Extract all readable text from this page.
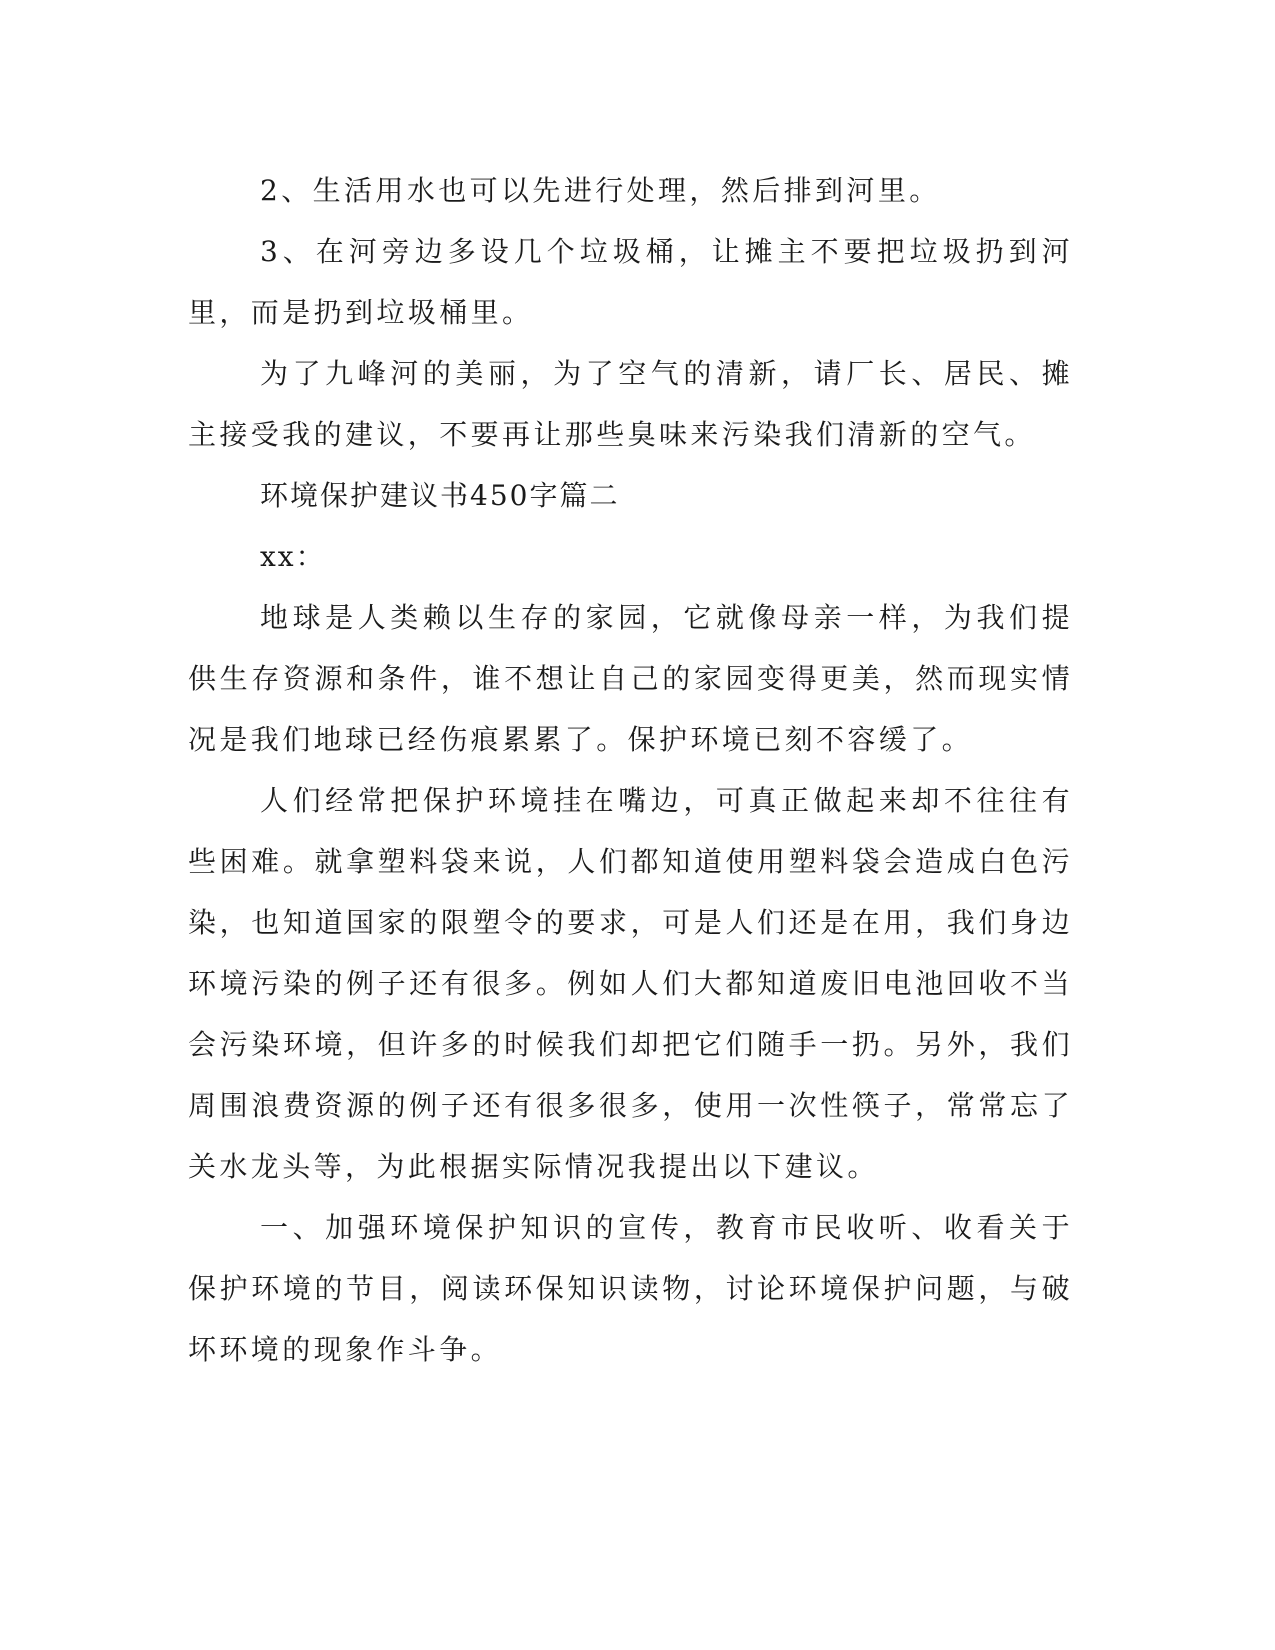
2、生活用水也可以先进行处理，然后排到河里。

3、在河旁边多设几个垃圾桶，让摊主不要把垃圾扔到河里，而是扔到垃圾桶里。

为了九峰河的美丽，为了空气的清新，请厂长、居民、摊主接受我的建议，不要再让那些臭味来污染我们清新的空气。

环境保护建议书450字篇二

xx：

地球是人类赖以生存的家园，它就像母亲一样，为我们提供生存资源和条件，谁不想让自己的家园变得更美，然而现实情况是我们地球已经伤痕累累了。保护环境已刻不容缓了。

人们经常把保护环境挂在嘴边，可真正做起来却不往往有些困难。就拿塑料袋来说，人们都知道使用塑料袋会造成白色污染，也知道国家的限塑令的要求，可是人们还是在用，我们身边环境污染的例子还有很多。例如人们大都知道废旧电池回收不当会污染环境，但许多的时候我们却把它们随手一扔。另外，我们周围浪费资源的例子还有很多很多，使用一次性筷子，常常忘了关水龙头等，为此根据实际情况我提出以下建议。

一、加强环境保护知识的宣传，教育市民收听、收看关于保护环境的节目，阅读环保知识读物，讨论环境保护问题，与破坏环境的现象作斗争。
